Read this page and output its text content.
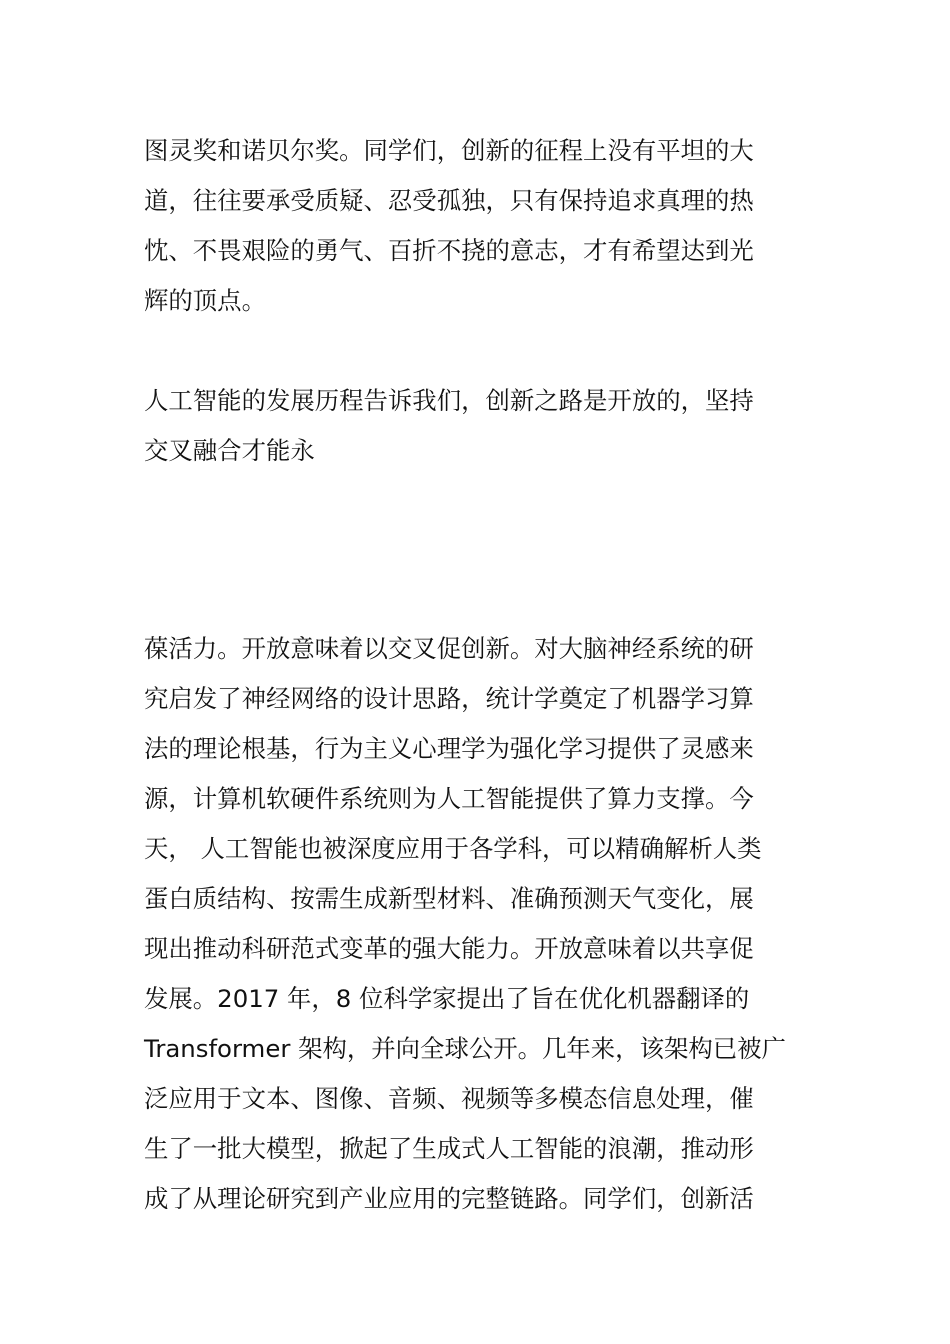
图灵奖和诺贝尔奖。同学们，创新的征程上没有平坦的大
道，往往要承受质疑、忍受孤独，只有保持追求真理的热
忱、不畏艰险的勇气、百折不挠的意志，才有希望达到光
辉的顶点。
人工智能的发展历程告诉我们，创新之路是开放的，坚持
交叉融合才能永
葆活力。开放意味着以交叉促创新。对大脑神经系统的研
究启发了神经网络的设计思路，统计学奠定了机器学习算
法的理论根基，行为主义心理学为强化学习提供了灵感来
源，计算机软硬件系统则为人工智能提供了算力支撑。今
天， 人工智能也被深度应用于各学科，可以精确解析人类
蛋白质结构、按需生成新型材料、准确预测天气变化，展
现出推动科研范式变革的强大能力。开放意味着以共享促
发展。2017 年，8 位科学家提出了旨在优化机器翻译的
Transformer 架构，并向全球公开。几年来，该架构已被广
泛应用于文本、图像、音频、视频等多模态信息处理，催
生了一批大模型，掀起了生成式人工智能的浪潮，推动形
成了从理论研究到产业应用的完整链路。同学们，创新活
